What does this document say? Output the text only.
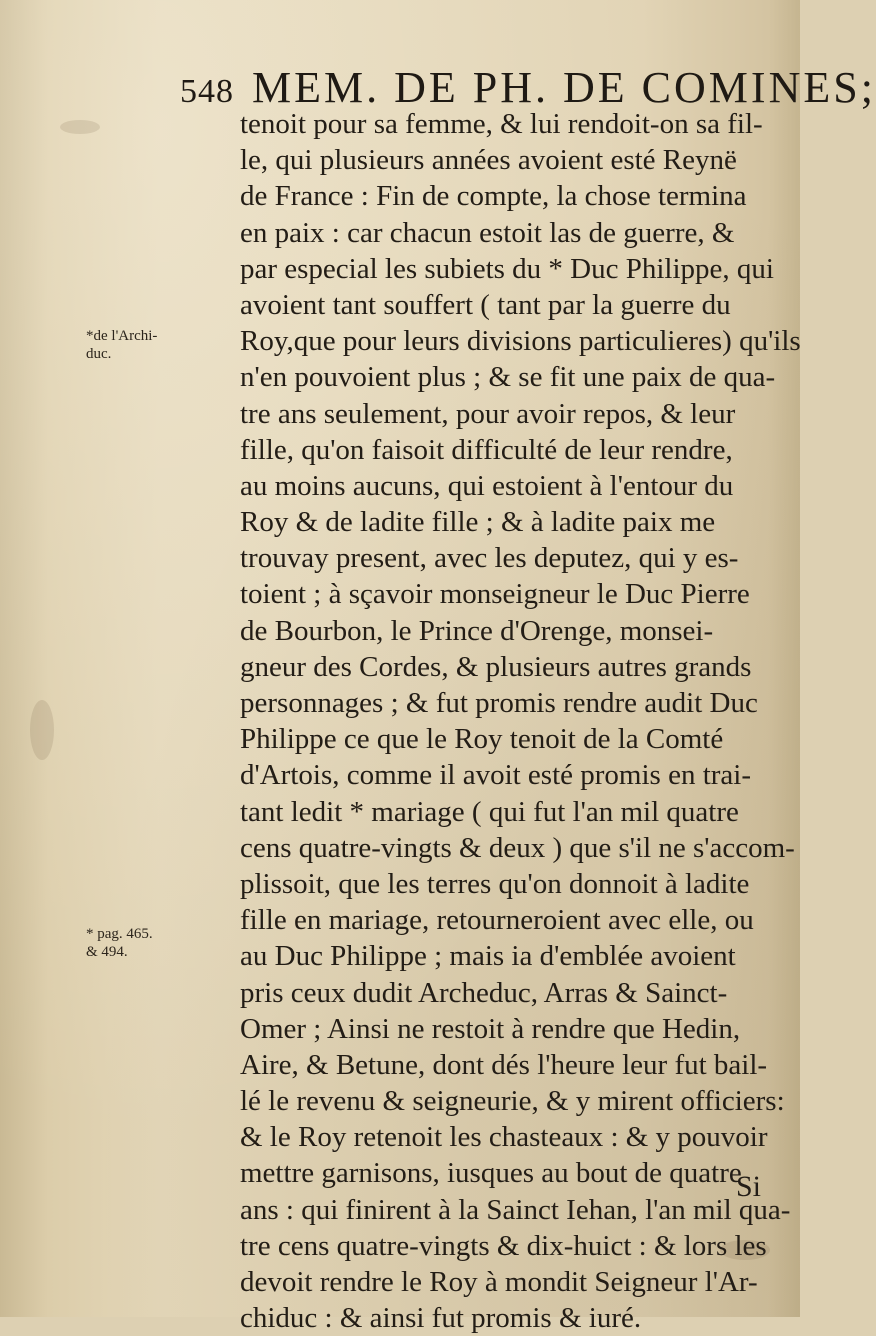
548 MEM. DE PH. DE COMINES;
*de l'Archi-
duc.
* pag. 465.
& 494.
tenoit pour sa femme, & lui rendoit-on sa fil-
le, qui plusieurs années avoient esté Reynë
de France : Fin de compte, la chose termina
en paix : car chacun estoit las de guerre, &
par especial les subiets du * Duc Philippe, qui
avoient tant souffert ( tant par la guerre du
Roy,que pour leurs divisions particulieres) qu'ils
n'en pouvoient plus ; & se fit une paix de qua-
tre ans seulement, pour avoir repos, & leur
fille, qu'on faisoit difficulté de leur rendre,
au moins aucuns, qui estoient à l'entour du
Roy & de ladite fille ; & à ladite paix me
trouvay present, avec les deputez, qui y es-
toient ; à sçavoir monseigneur le Duc Pierre
de Bourbon, le Prince d'Orenge, monsei-
gneur des Cordes, & plusieurs autres grands
personnages ; & fut promis rendre audit Duc
Philippe ce que le Roy tenoit de la Comté
d'Artois, comme il avoit esté promis en trai-
tant ledit * mariage ( qui fut l'an mil quatre
cens quatre-vingts & deux ) que s'il ne s'accom-
plissoit, que les terres qu'on donnoit à ladite
fille en mariage, retourneroient avec elle, ou
au Duc Philippe ; mais ia d'emblée avoient
pris ceux dudit Archeduc, Arras & Sainct-
Omer ; Ainsi ne restoit à rendre que Hedin,
Aire, & Betune, dont dés l'heure leur fut bail-
lé le revenu & seigneurie, & y mirent officiers:
& le Roy retenoit les chasteaux : & y pouvoir
mettre garnisons, iusques au bout de quatre
ans : qui finirent à la Sainct Iehan, l'an mil qua-
tre cens quatre-vingts & dix-huict : & lors les
devoit rendre le Roy à mondit Seigneur l'Ar-
chiduc : & ainsi fut promis & iuré.
Si
